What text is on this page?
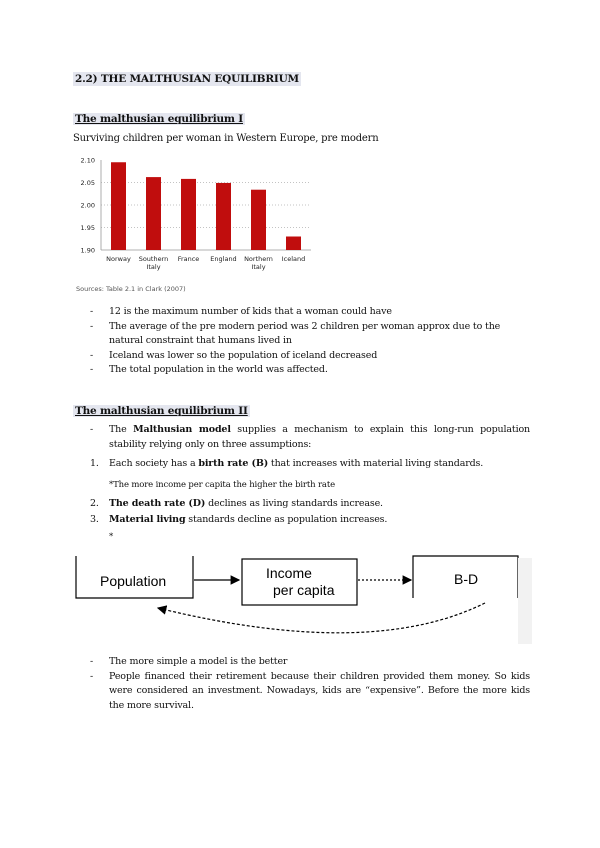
2.2) THE MALTHUSIAN EQUILIBRIUM
The malthusian equilibrium I
Surviving children per woman in Western Europe, pre modern
2.10
2.05
2.00
1.95
1.90
Norway Southern
Italy
France England Northern
Italy
Iceland
Sources: Table 2.1 in Clark (2007)
- 12 is the maximum number of kids that a woman could have
- The average of the pre modern period was 2 children per woman approx due to the natural constraint that humans lived in
- Iceland was lower so the population of iceland decreased
- The total population in the world was affected.
The malthusian equilibrium II
- The Malthusian model supplies a mechanism to explain this long-run population stability relying only on three assumptions:
1. Each society has a birth rate (B) that increases with material living standards.
2. The death rate (D) declines as living standards increase.
3. Material living standards decline as population increases.
*The more income per capita the higher the birth rate
*
Population	Income
per capita
B-D
- The more simple a model is the better
- People financed their retirement because their children provided them money. So kids were considered an investment. Nowadays, kids are “expensive”. Before the more kids the more survival.
